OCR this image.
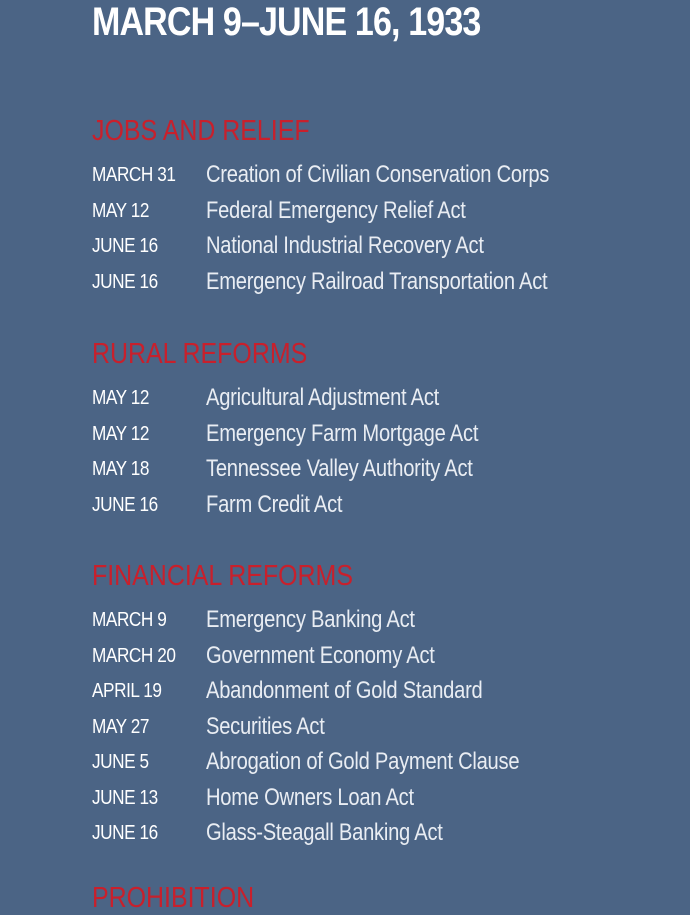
MARCH 9–JUNE 16, 1933
JOBS AND RELIEF
MARCH 31 Creation of Civilian Conservation Corps
MAY 12 Federal Emergency Relief Act
JUNE 16 National Industrial Recovery Act
JUNE 16 Emergency Railroad Transportation Act
RURAL REFORMS
MAY 12 Agricultural Adjustment Act
MAY 12 Emergency Farm Mortgage Act
MAY 18 Tennessee Valley Authority Act
JUNE 16 Farm Credit Act
FINANCIAL REFORMS
MARCH 9 Emergency Banking Act
MARCH 20 Government Economy Act
APRIL 19 Abandonment of Gold Standard
MAY 27 Securities Act
JUNE 5 Abrogation of Gold Payment Clause
JUNE 13 Home Owners Loan Act
JUNE 16 Glass-Steagall Banking Act
PROHIBITION
